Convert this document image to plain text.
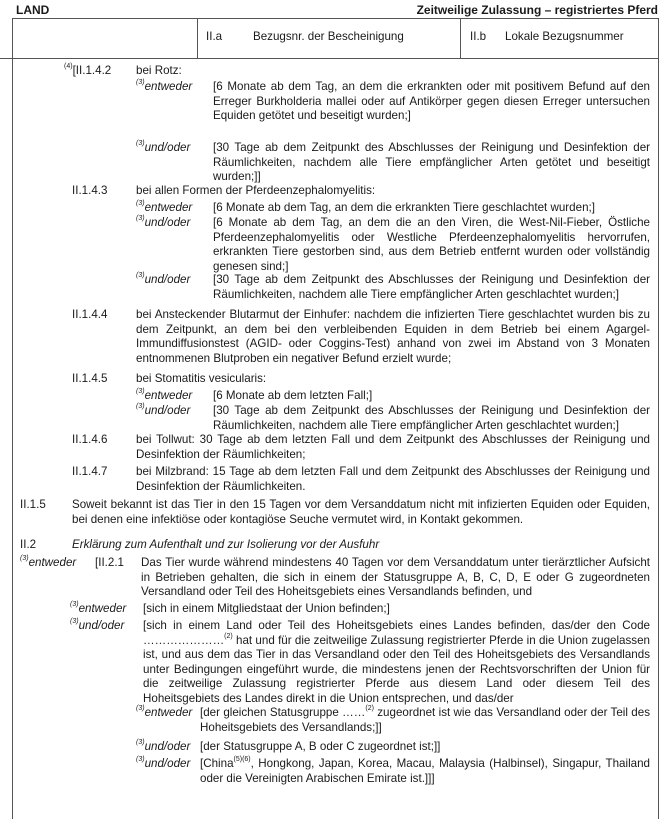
LAND	Zeitweilige Zulassung – registriertes Pferd
II.a	Bezugsnr. der Bescheinigung	II.b Lokale Bezugsnummer
$^{(4)}$[II.1.4.2 bei Rotz:
$^{(3)}$entweder [6 Monate ab dem Tag, an dem die erkrankten oder mit positivem Befund auf den Erreger Burkholderia mallei oder auf Antikörper gegen diesen Erreger untersuchen Equiden getötet und beseitigt wurden;]
$^{(3)}$und/oder [30 Tage ab dem Zeitpunkt des Abschlusses der Reinigung und Desinfektion der Räumlichkeiten, nachdem alle Tiere empfänglicher Arten getötet und beseitigt wurden;]]
II.1.4.3 bei allen Formen der Pferdeenzephalomyelitis:
$^{(3)}$entweder [6 Monate ab dem Tag, an dem die erkrankten Tiere geschlachtet wurden;]
$^{(3)}$und/oder [6 Monate ab dem Tag, an dem die an den Viren, die West-Nil-Fieber, Östliche Pferdeenzephalomyelitis oder Westliche Pferdeenzephalomyelitis hervorrufen, erkrankten Tiere gestorben sind, aus dem Betrieb entfernt wurden oder vollständig genesen sind;]
$^{(3)}$und/oder [30 Tage ab dem Zeitpunkt des Abschlusses der Reinigung und Desinfektion der Räumlichkeiten, nachdem alle Tiere empfänglicher Arten geschlachtet wurden;]
II.1.4.4 bei Ansteckender Blutarmut der Einhufer: nachdem die infizierten Tiere geschlachtet wurden bis zu dem Zeitpunkt, an dem bei den verbleibenden Equiden in dem Betrieb bei einem Agargel-Immundiffusionstest (AGID- oder Coggins-Test) anhand von zwei im Abstand von 3 Monaten entnommenen Blutproben ein negativer Befund erzielt wurde;
II.1.4.5 bei Stomatitis vesicularis:
$^{(3)}$entweder [6 Monate ab dem letzten Fall;]
$^{(3)}$und/oder [30 Tage ab dem Zeitpunkt des Abschlusses der Reinigung und Desinfektion der Räumlichkeiten, nachdem alle Tiere empfänglicher Arten geschlachtet wurden;]
II.1.4.6 bei Tollwut: 30 Tage ab dem letzten Fall und dem Zeitpunkt des Abschlusses der Reinigung und Desinfektion der Räumlichkeiten;
II.1.4.7 bei Milzbrand: 15 Tage ab dem letzten Fall und dem Zeitpunkt des Abschlusses der Reinigung und Desinfektion der Räumlichkeiten.
II.1.5 Soweit bekannt ist das Tier in den 15 Tagen vor dem Versanddatum nicht mit infizierten Equiden oder Equiden, bei denen eine infektiöse oder kontagiöse Seuche vermutet wird, in Kontakt gekommen.
II.2	Erklärung zum Aufenthalt und zur Isolierung vor der Ausfuhr
$^{(3)}$entweder [II.2.1 Das Tier wurde während mindestens 40 Tagen vor dem Versanddatum unter tierärztlicher Aufsicht in Betrieben gehalten, die sich in einem der Statusgruppe A, B, C, D, E oder G zugeordneten Versandland oder Teil des Hoheitsgebiets eines Versandlands befinden, und
$^{(3)}$entweder [sich in einem Mitgliedstaat der Union befinden;]
$^{(3)}$und/oder [sich in einem Land oder Teil des Hoheitsgebiets eines Landes befinden, das/der den Code …………………$^{(2)}$ hat und für die zeitweilige Zulassung registrierter Pferde in die Union zugelassen ist, und aus dem das Tier in das Versandland oder den Teil des Hoheitsgebiets des Versandlands unter Bedingungen eingeführt wurde, die mindestens jenen der Rechtsvorschriften der Union für die zeitweilige Zulassung registrierter Pferde aus diesem Land oder diesem Teil des Hoheitsgebiets des Landes direkt in die Union entsprechen, und das/der
$^{(3)}$entweder [der gleichen Statusgruppe ……$^{(2)}$ zugeordnet ist wie das Versandland oder der Teil des Hoheitsgebiets des Versandlands;]]
$^{(3)}$und/oder [der Statusgruppe A, B oder C zugeordnet ist;]]
$^{(3)}$und/oder [China$^{(5)(6)}$, Hongkong, Japan, Korea, Macau, Malaysia (Halbinsel), Singapur, Thailand oder die Vereinigten Arabischen Emirate ist.]]]
